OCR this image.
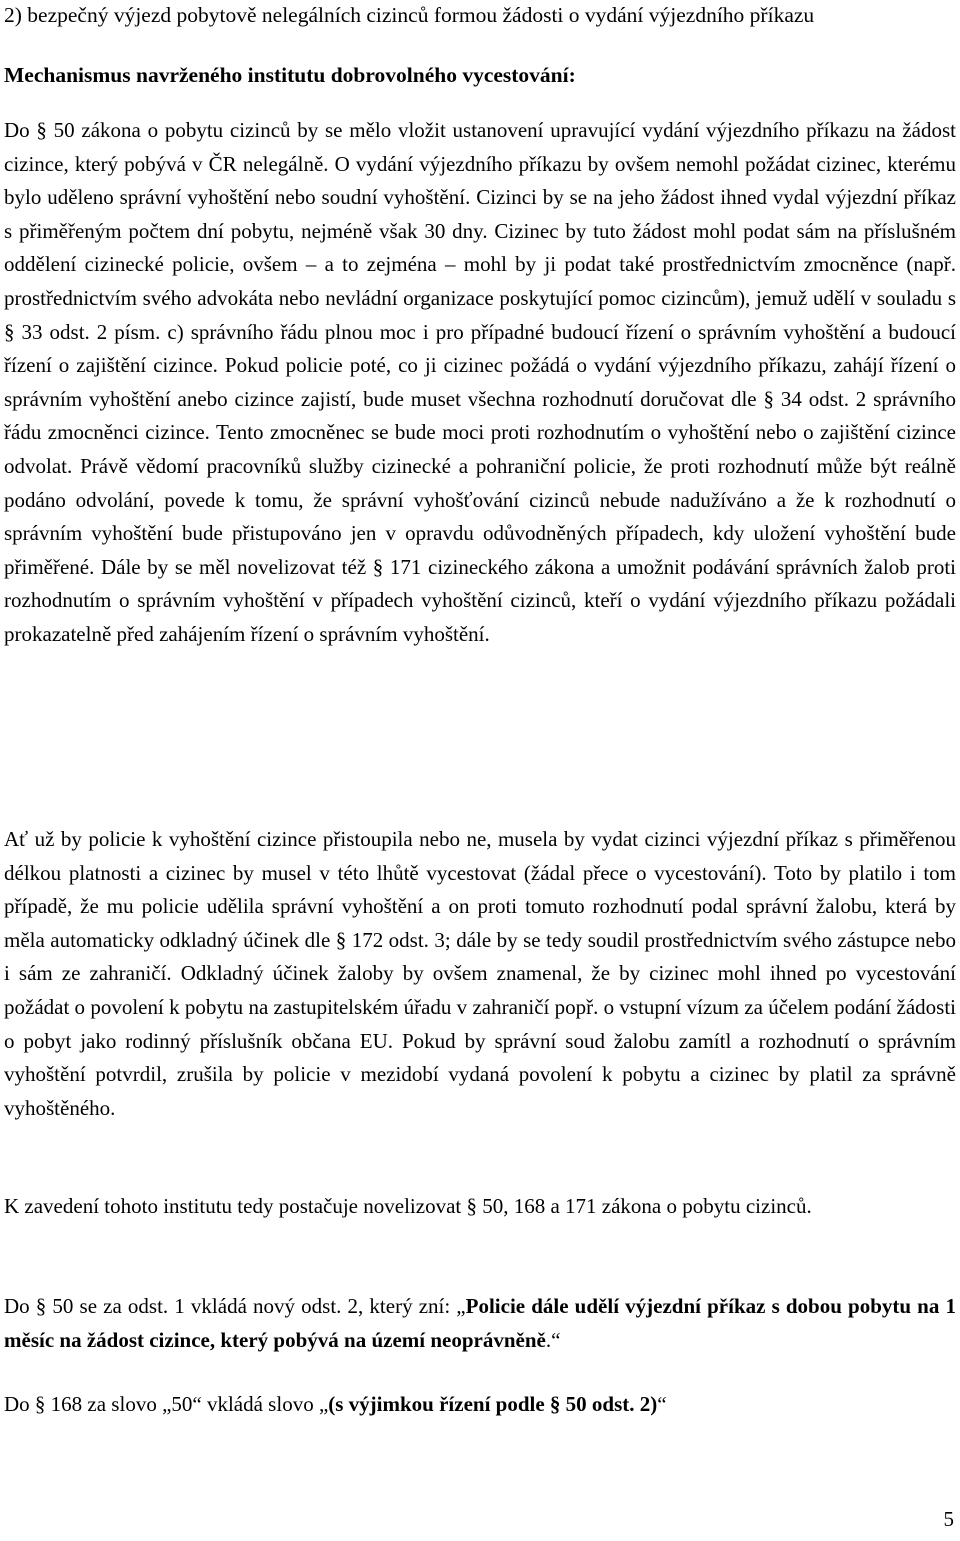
2) bezpečný výjezd pobytově nelegálních cizinců formou žádosti o vydání výjezdního příkazu
Mechanismus navrženého institutu dobrovolného vycestování:

Do § 50 zákona o pobytu cizinců by se mělo vložit ustanovení upravující vydání výjezdního příkazu na žádost cizince, který pobývá v ČR nelegálně. O vydání výjezdního příkazu by ovšem nemohl požádat cizinec, kterému bylo uděleno správní vyhoštění nebo soudní vyhoštění. Cizinci by se na jeho žádost ihned vydal výjezdní příkaz s přiměřeným počtem dní pobytu, nejméně však 30 dny. Cizinec by tuto žádost mohl podat sám na příslušném oddělení cizinecké policie, ovšem – a to zejména – mohl by ji podat také prostřednictvím zmocněnce (např. prostřednictvím svého advokáta nebo nevládní organizace poskytující pomoc cizincům), jemuž udělí v souladu s § 33 odst. 2 písm. c) správního řádu plnou moc i pro případné budoucí řízení o správním vyhoštění a budoucí řízení o zajištění cizince. Pokud policie poté, co ji cizinec požádá o vydání výjezdního příkazu, zahájí řízení o správním vyhoštění anebo cizince zajistí, bude muset všechna rozhodnutí doručovat dle § 34 odst. 2 správního řádu zmocněnci cizince. Tento zmocněnec se bude moci proti rozhodnutím o vyhoštění nebo o zajištění cizince odvolat. Právě vědomí pracovníků služby cizinecké a pohraniční policie, že proti rozhodnutí může být reálně podáno odvolání, povede k tomu, že správní vyhošťování cizinců nebude nadužíváno a že k rozhodnutí o správním vyhoštění bude přistupováno jen v opravdu odůvodněných případech, kdy uložení vyhoštění bude přiměřené. Dále by se měl novelizovat též § 171 cizineckého zákona a umožnit podávání správních žalob proti rozhodnutím o správním vyhoštění v případech vyhoštění cizinců, kteří o vydání výjezdního příkazu požádali prokazatelně před zahájením řízení o správním vyhoštění.

Ať už by policie k vyhoštění cizince přistoupila nebo ne, musela by vydat cizinci výjezdní příkaz s přiměřenou délkou platnosti a cizinec by musel v této lhůtě vycestovat (žádal přece o vycestování). Toto by platilo i tom případě, že mu policie udělila správní vyhoštění a on proti tomuto rozhodnutí podal správní žalobu, která by měla automaticky odkladný účinek dle § 172 odst. 3; dále by se tedy soudil prostřednictvím svého zástupce nebo i sám ze zahraničí. Odkladný účinek žaloby by ovšem znamenal, že by cizinec mohl ihned po vycestování požádat o povolení k pobytu na zastupitelském úřadu v zahraničí popř. o vstupní vízum za účelem podání žádosti o pobyt jako rodinný příslušník občana EU. Pokud by správní soud žalobu zamítl a rozhodnutí o správním vyhoštění potvrdil, zrušila by policie v mezidobí vydaná povolení k pobytu a cizinec by platil za správně vyhoštěného.

K zavedení tohoto institutu tedy postačuje novelizovat § 50, 168 a 171 zákona o pobytu cizinců.

Do § 50 se za odst. 1 vkládá nový odst. 2, který zní: „Policie dále udělí výjezdní příkaz s dobou pobytu na 1 měsíc na žádost cizince, který pobývá na území neoprávněně.“

Do § 168 za slovo „50“ vkládá slovo „(s výjimkou řízení podle § 50 odst. 2)“

5
